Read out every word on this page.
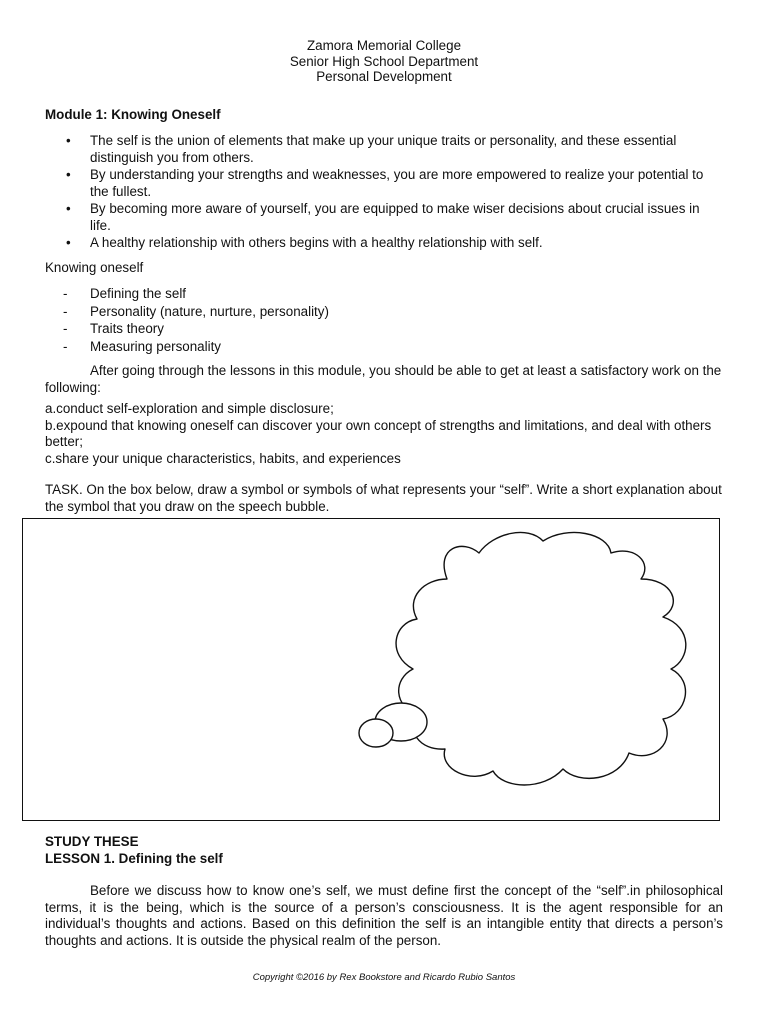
Zamora Memorial College
Senior High School Department
Personal Development
Module 1: Knowing Oneself
• The self is the union of elements that make up your unique traits or personality, and these essential distinguish you from others.
• By understanding your strengths and weaknesses, you are more empowered to realize your potential to the fullest.
• By becoming more aware of yourself, you are equipped to make wiser decisions about crucial issues in life.
• A healthy relationship with others begins with a healthy relationship with self.
Knowing oneself
- Defining the self
- Personality (nature, nurture, personality)
- Traits theory
- Measuring personality
After going through the lessons in this module, you should be able to get at least a satisfactory work on the following:
a.conduct self-exploration and simple disclosure;
b.expound that knowing oneself can discover your own concept of strengths and limitations, and deal with others better;
c.share your unique characteristics, habits, and experiences
TASK. On the box below, draw a symbol or symbols of what represents your “self”. Write a short explanation about the symbol that you draw on the speech bubble.
STUDY THESE
LESSON 1. Defining the self

Before we discuss how to know one’s self, we must define first the concept of the “self”.in philosophical terms, it is the being, which is the source of a person’s consciousness. It is the agent responsible for an individual’s thoughts and actions. Based on this definition the self is an intangible entity that directs a person’s thoughts and actions. It is outside the physical realm of the person.

Copyright ©2016 by Rex Bookstore and Ricardo Rubio Santos
